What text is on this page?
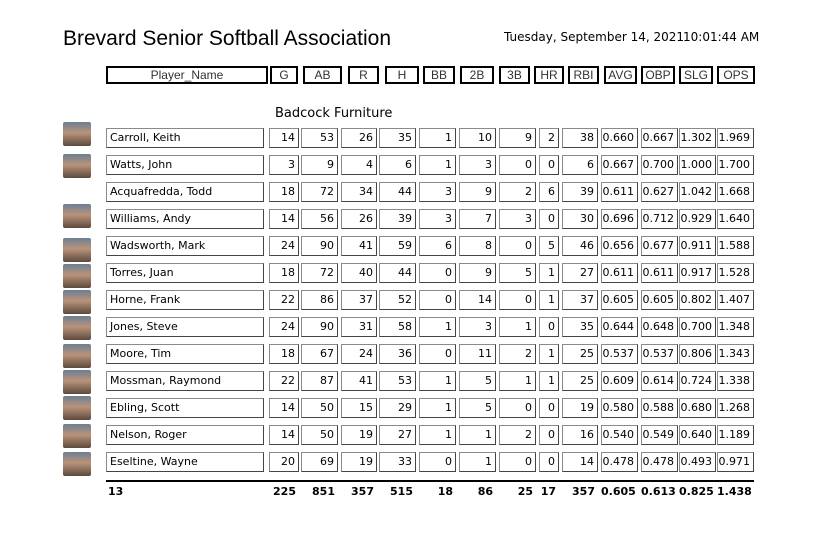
Brevard Senior Softball Association	Tuesday, September 14, 2021
10:01:44 AM
Player_Name	G	AB	R	H	BB	2B	3B	HR	RBI AVG OBP SLG	OPS
Badcock Furniture
Carroll, Keith	14	53	26	35	1	10	9	2	38 0.660 0.667 1.302 1.969
Watts, John	3	9	4	6	1	3	0	0	6 0.667 0.700 1.000 1.700
Acquafredda, Todd	18	72	34	44	3	9	2	6	39 0.611 0.627 1.042 1.668
Williams, Andy	14	56	26	39	3	7	3	0	30 0.696 0.712 0.929 1.640
Wadsworth, Mark	24	90	41	59	6	8	0	5	46 0.656 0.677 0.911 1.588
Torres, Juan	18	72	40	44	0	9	5	1	27 0.611 0.611 0.917 1.528
Horne, Frank	22	86	37	52	0	14	0	1	37 0.605 0.605 0.802 1.407
Jones, Steve	24	90	31	58	1	3	1	0	35 0.644 0.648 0.700 1.348
Moore, Tim	18	67	24	36	0	11	2	1	25 0.537 0.537 0.806 1.343
Mossman, Raymond	22	87	41	53	1	5	1	1	25 0.609 0.614 0.724 1.338
Ebling, Scott	14	50	15	29	1	5	0	0	19 0.580 0.588 0.680 1.268
Nelson, Roger	14	50	19	27	1	1	2	0	16 0.540 0.549 0.640 1.189
Eseltine, Wayne	20	69	19	33	0	1	0	0	14 0.478 0.478 0.493 0.971
13	225	851	357	515	18	86	25 17	357 0.605 0.613 0.825 1.438
